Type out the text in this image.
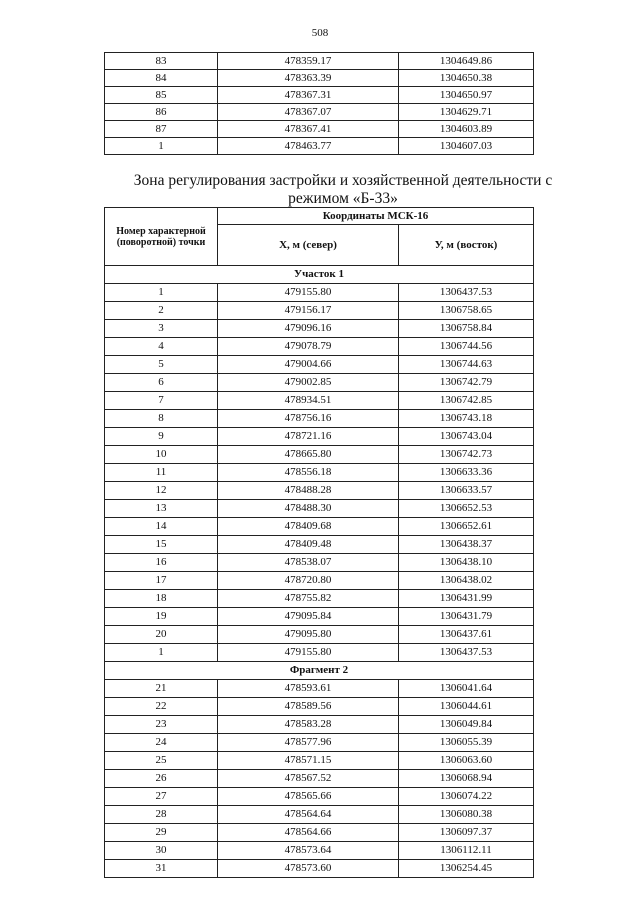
508
83	478359.17	1304649.86
84	478363.39	1304650.38
85	478367.31	1304650.97
86	478367.07	1304629.71
87	478367.41	1304603.89
1	478463.77	1304607.03
Зона регулирования застройки и хозяйственной деятельности с режимом «Б-33»
Номер характерной (поворотной) точки	Координаты МСК-16	
	Х, м (север)	У, м (восток)
Участок 1		
1	479155.80	1306437.53
2	479156.17	1306758.65
3	479096.16	1306758.84
4	479078.79	1306744.56
5	479004.66	1306744.63
6	479002.85	1306742.79
7	478934.51	1306742.85
8	478756.16	1306743.18
9	478721.16	1306743.04
10	478665.80	1306742.73
11	478556.18	1306633.36
12	478488.28	1306633.57
13	478488.30	1306652.53
14	478409.68	1306652.61
15	478409.48	1306438.37
16	478538.07	1306438.10
17	478720.80	1306438.02
18	478755.82	1306431.99
19	479095.84	1306431.79
20	479095.80	1306437.61
1	479155.80	1306437.53
Фрагмент 2		
21	478593.61	1306041.64
22	478589.56	1306044.61
23	478583.28	1306049.84
24	478577.96	1306055.39
25	478571.15	1306063.60
26	478567.52	1306068.94
27	478565.66	1306074.22
28	478564.64	1306080.38
29	478564.66	1306097.37
30	478573.64	1306112.11
31	478573.60	1306254.45
